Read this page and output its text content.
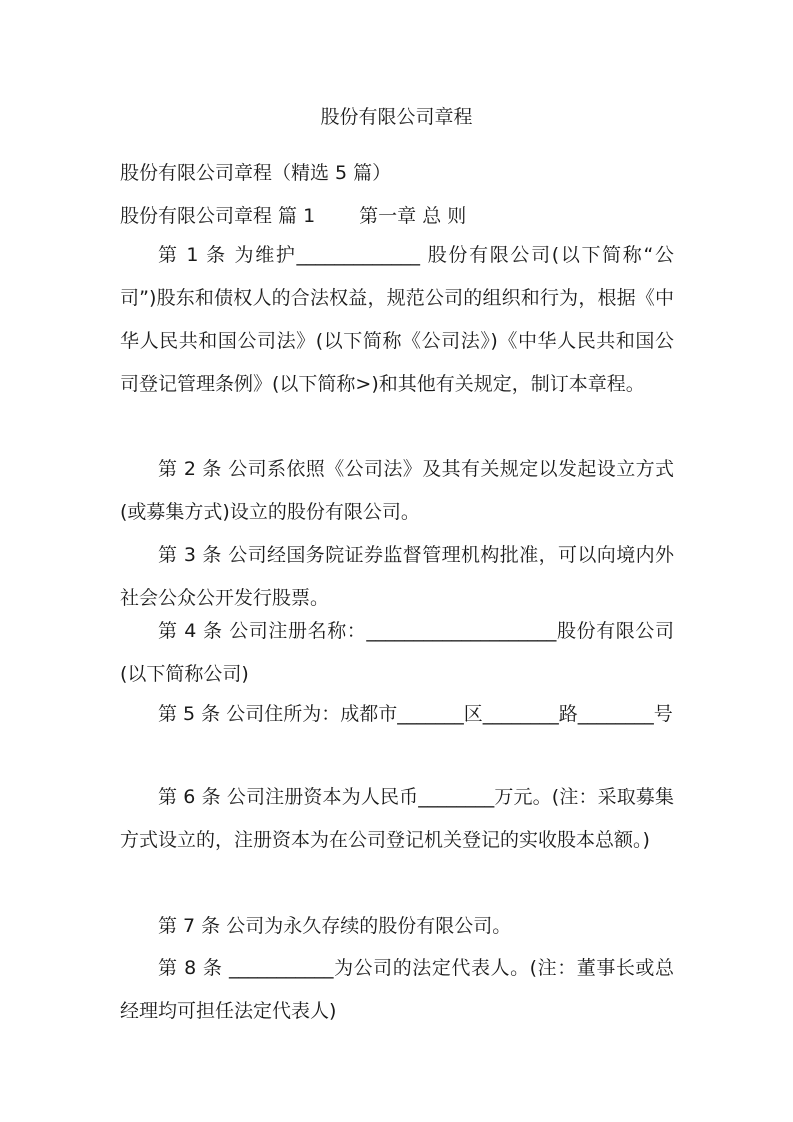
股份有限公司章程
股份有限公司章程（精选 5 篇）
股份有限公司章程 篇 1 第一章 总 则

第 1 条 为维护_____________ 股份有限公司(以下简称“公司”)股东和债权人的合法权益，规范公司的组织和行为，根据《中华人民共和国公司法》(以下简称《公司法》)《中华人民共和国公司登记管理条例》(以下简称>)和其他有关规定，制订本章程。

第 2 条 公司系依照《公司法》及其有关规定以发起设立方式(或募集方式)设立的股份有限公司。

第 3 条 公司经国务院证券监督管理机构批准，可以向境内外社会公众公开发行股票。

第 4 条 公司注册名称：____________________股份有限公司(以下简称公司)

第 5 条 公司住所为：成都市_______区________路________号

第 6 条 公司注册资本为人民币________万元。(注：采取募集方式设立的，注册资本为在公司登记机关登记的实收股本总额。)

第 7 条 公司为永久存续的股份有限公司。

第 8 条 ___________为公司的法定代表人。(注：董事长或总经理均可担任法定代表人)
